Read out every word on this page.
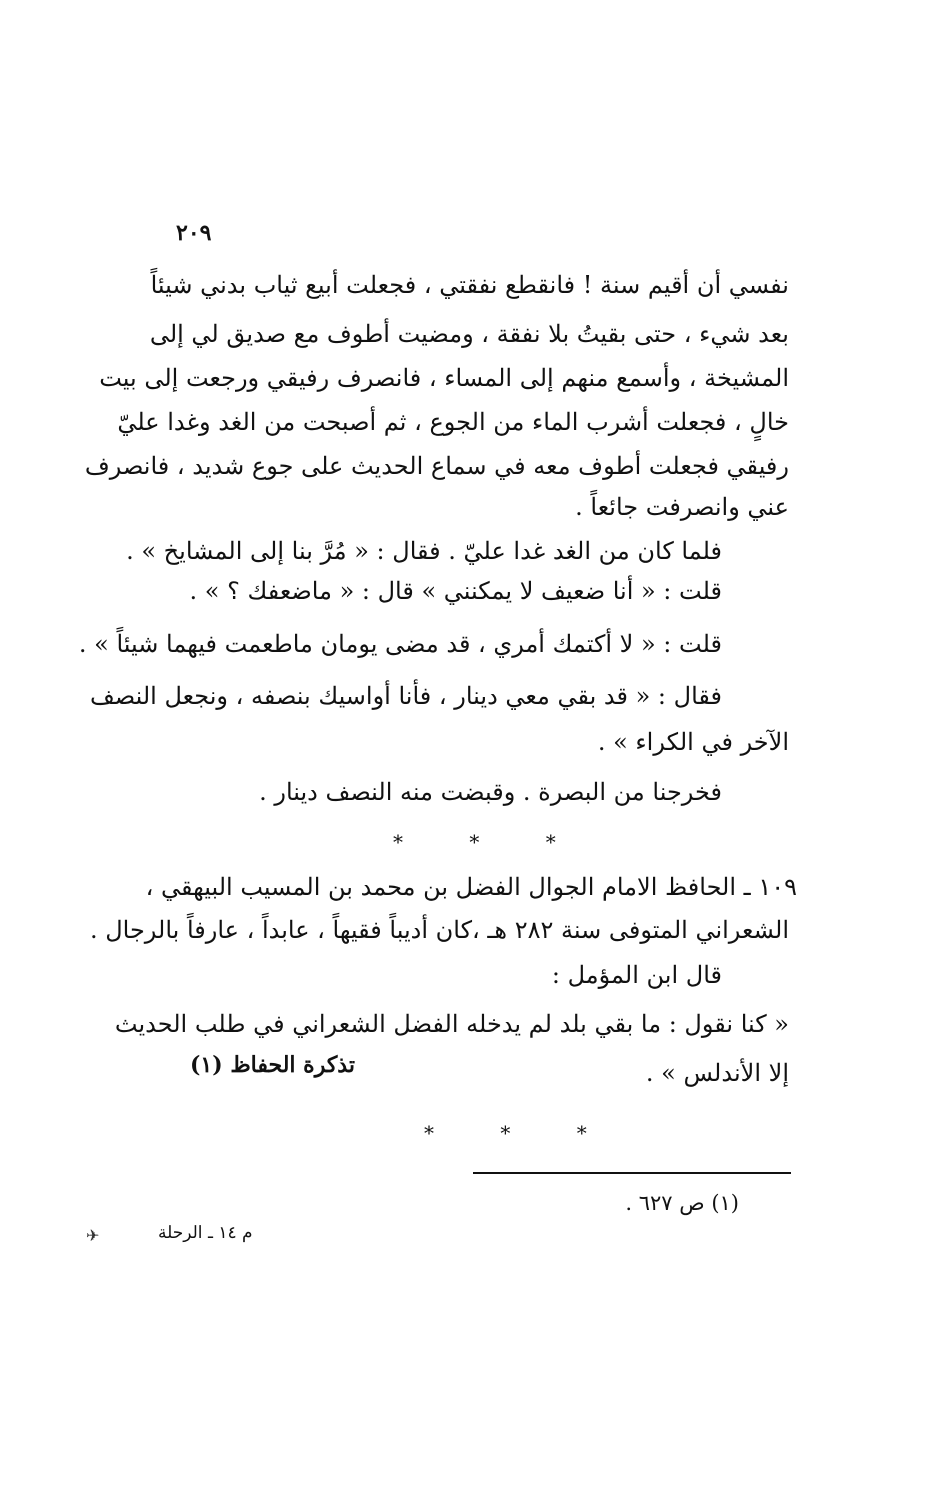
٢٠٩
نفسي أن أقيم سنة ! فانقطع نفقتي ، فجعلت أبيع ثياب بدني شيئاً
بعد شيء ، حتى بقيتُ بلا نفقة ، ومضيت أطوف مع صديق لي إلى
المشيخة ، وأسمع منهم إلى المساء ، فانصرف رفيقي ورجعت إلى بيت
خالٍ ، فجعلت أشرب الماء من الجوع ، ثم أصبحت من الغد وغدا عليّ
رفيقي فجعلت أطوف معه في سماع الحديث على جوع شديد ، فانصرف
عني وانصرفت جائعاً .
فلما كان من الغد غدا عليّ . فقال : « مُرَّ بنا إلى المشايخ » .
قلت : « أنا ضعيف لا يمكنني » قال : « ماضعفك ؟ » .
قلت : « لا أكتمك أمري ، قد مضى يومان ماطعمت فيهما شيئاً » .
فقال : « قد بقي معي دينار ، فأنا أواسيك بنصفه ، ونجعل النصف
الآخر في الكراء » .
فخرجنا من البصرة . وقبضت منه النصف دينار .
* * *
١٠٩ ـ الحافظ الامام الجوال الفضل بن محمد بن المسيب البيهقي ،
الشعراني المتوفى سنة ٢٨٢ هـ ،كان أديباً فقيهاً ، عابداً ، عارفاً بالرجال .
قال ابن المؤمل :
« كنا نقول : ما بقي بلد لم يدخله الفضل الشعراني في طلب الحديث
إلا الأندلس » .
تذكرة الحفاظ (١)
* * *
(١) ص ٦٢٧ .
م ١٤ ـ الرحلة
✈
